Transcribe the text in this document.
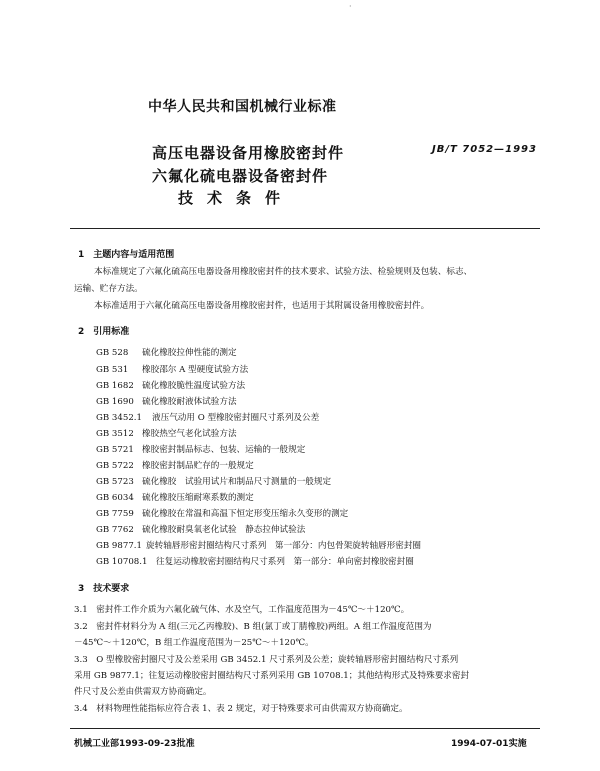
·
中华人民共和国机械行业标准
高压电器设备用橡胶密封件
六氟化硫电器设备密封件
技术条件
JB/T 7052—1993
1　主题内容与适用范围
本标准规定了六氟化硫高压电器设备用橡胶密封件的技术要求、试验方法、检验规则及包装、标志、
运输、贮存方法。
本标准适用于六氟化硫高压电器设备用橡胶密封件，也适用于其附属设备用橡胶密封件。
2　引用标准
GB 528 硫化橡胶拉伸性能的测定
GB 531 橡胶邵尔 A 型硬度试验方法
GB 1682 硫化橡胶脆性温度试验方法
GB 1690 硫化橡胶耐液体试验方法
GB 3452.1 液压气动用 O 型橡胶密封圈尺寸系列及公差
GB 3512 橡胶热空气老化试验方法
GB 5721 橡胶密封制品标志、包装、运输的一般规定
GB 5722 橡胶密封制品贮存的一般规定
GB 5723 硫化橡胶　试验用试片和制品尺寸测量的一般规定
GB 6034 硫化橡胶压缩耐寒系数的测定
GB 7759 硫化橡胶在常温和高温下恒定形变压缩永久变形的测定
GB 7762 硫化橡胶耐臭氧老化试验　静态拉伸试验法
GB 9877.1 旋转轴唇形密封圈结构尺寸系列　第一部分：内包骨架旋转轴唇形密封圈
GB 10708.1 往复运动橡胶密封圈结构尺寸系列　第一部分：单向密封橡胶密封圈
3　技术要求
3.1　密封件工作介质为六氟化硫气体、水及空气，工作温度范围为－45℃～＋120℃。
3.2　密封件材料分为 A 组(三元乙丙橡胶)、B 组(氯丁或丁腈橡胶)两组。A 组工作温度范围为
－45℃～＋120℃，B 组工作温度范围为－25℃～＋120℃。
3.3　O 型橡胶密封圈尺寸及公差采用 GB 3452.1 尺寸系列及公差；旋转轴唇形密封圈结构尺寸系列
采用 GB 9877.1；往复运动橡胶密封圈结构尺寸系列采用 GB 10708.1；其他结构形式及特殊要求密封
件尺寸及公差由供需双方协商确定。
3.4　材料物理性能指标应符合表 1、表 2 规定，对于特殊要求可由供需双方协商确定。
机械工业部1993-09-23批准	1994-07-01实施
